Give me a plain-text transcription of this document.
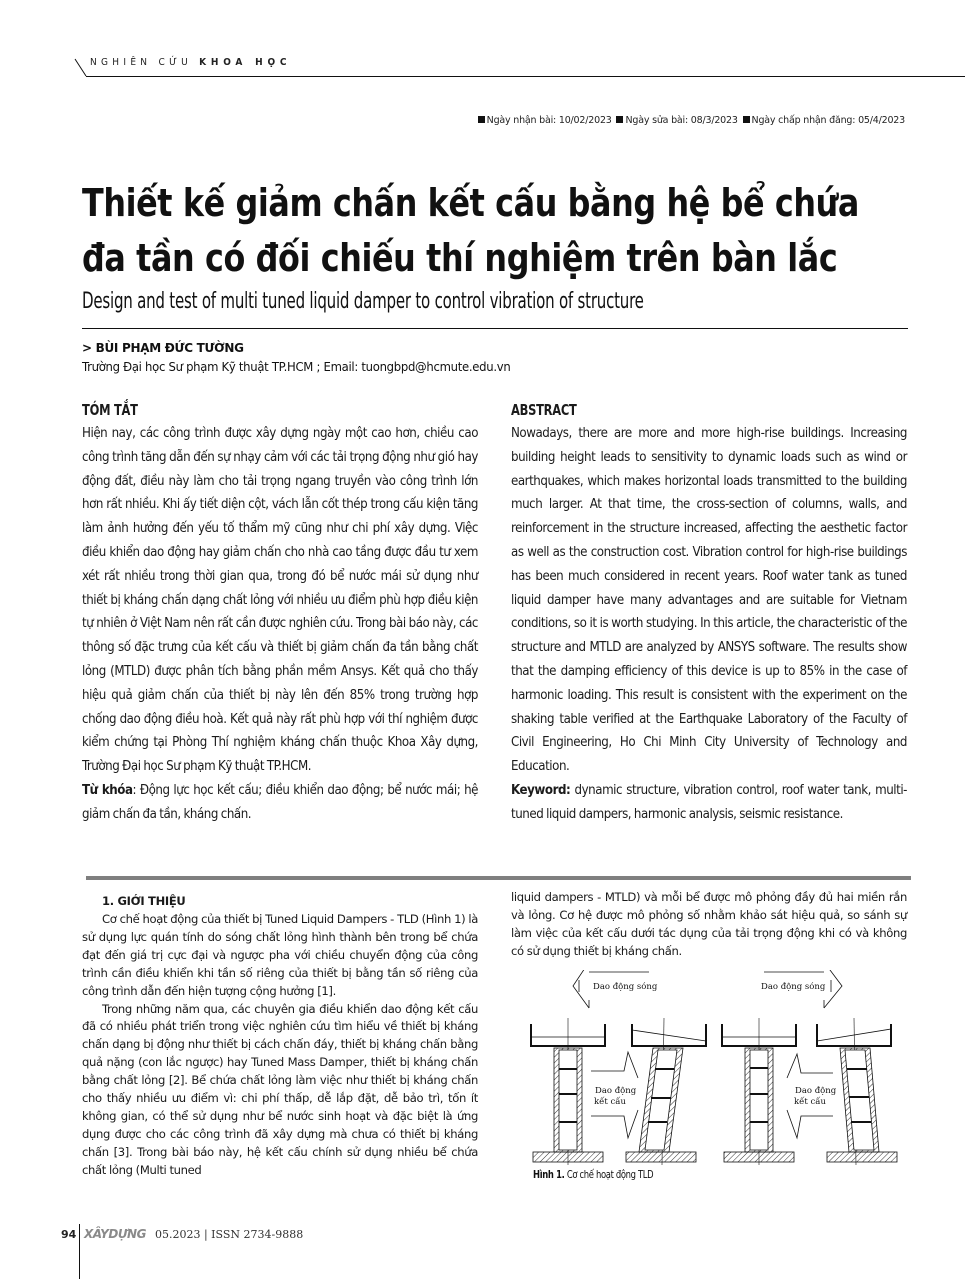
NGHIÊN CỨU KHOA HỌC
Ngày nhận bài: 10/02/2023 Ngày sửa bài: 08/3/2023 Ngày chấp nhận đăng: 05/4/2023
Thiết kế giảm chấn kết cấu bằng hệ bể chứa
đa tần có đối chiếu thí nghiệm trên bàn lắc
Design and test of multi tuned liquid damper to control vibration of structure
> BÙI PHẠM ĐỨC TƯỜNG
Trường Đại học Sư phạm Kỹ thuật TP.HCM ; Email: tuongbpd@hcmute.edu.vn
TÓM TẮT

Hiện nay, các công trình được xây dựng ngày một cao hơn, chiều cao công trình tăng dẫn đến sự nhạy cảm với các tải trọng động như gió hay động đất, điều này làm cho tải trọng ngang truyền vào công trình lớn hơn rất nhiều. Khi ấy tiết diện cột, vách lẫn cốt thép trong cấu kiện tăng làm ảnh hưởng đến yếu tố thẩm mỹ cũng như chi phí xây dựng. Việc điều khiển dao động hay giảm chấn cho nhà cao tầng được đầu tư xem xét rất nhiều trong thời gian qua, trong đó bể nước mái sử dụng như thiết bị kháng chấn dạng chất lỏng với nhiều ưu điểm phù hợp điều kiện tự nhiên ở Việt Nam nên rất cần được nghiên cứu. Trong bài báo này, các thông số đặc trưng của kết cấu và thiết bị giảm chấn đa tần bằng chất lỏng (MTLD) được phân tích bằng phần mềm Ansys. Kết quả cho thấy hiệu quả giảm chấn của thiết bị này lên đến 85% trong trường hợp chống dao động điều hoà. Kết quả này rất phù hợp với thí nghiệm được kiểm chứng tại Phòng Thí nghiệm kháng chấn thuộc Khoa Xây dựng, Trường Đại học Sư phạm Kỹ thuật TP.HCM.

Từ khóa: Động lực học kết cấu; điều khiển dao động; bể nước mái; hệ giảm chấn đa tần, kháng chấn.

ABSTRACT

Nowadays, there are more and more high-rise buildings. Increasing building height leads to sensitivity to dynamic loads such as wind or earthquakes, which makes horizontal loads transmitted to the building much larger. At that time, the cross-section of columns, walls, and reinforcement in the structure increased, affecting the aesthetic factor as well as the construction cost. Vibration control for high-rise buildings has been much considered in recent years. Roof water tank as tuned liquid damper have many advantages and are suitable for Vietnam conditions, so it is worth studying. In this article, the characteristic of the structure and MTLD are analyzed by ANSYS software. The results show that the damping efficiency of this device is up to 85% in the case of harmonic loading. This result is consistent with the experiment on the shaking table verified at the Earthquake Laboratory of the Faculty of Civil Engineering, Ho Chi Minh City University of Technology and Education.

Keyword: dynamic structure, vibration control, roof water tank, multi-tuned liquid dampers, harmonic analysis, seismic resistance.

1. GIỚI THIỆU

Cơ chế hoạt động của thiết bị Tuned Liquid Dampers - TLD (Hình 1) là sử dụng lực quán tính do sóng chất lỏng hình thành bên trong bể chứa đạt đến giá trị cực đại và ngược pha với chiều chuyển động của công trình cần điều khiển khi tần số riêng của thiết bị bằng tần số riêng của công trình dẫn đến hiện tượng cộng hưởng [1].

Trong những năm qua, các chuyên gia điều khiển dao động kết cấu đã có nhiều phát triển trong việc nghiên cứu tìm hiểu về thiết bị kháng chấn dạng bị động như thiết bị cách chấn đáy, thiết bị kháng chấn bằng quả nặng (con lắc ngược) hay Tuned Mass Damper, thiết bị kháng chấn bằng chất lỏng [2]. Bể chứa chất lỏng làm việc như thiết bị kháng chấn cho thấy nhiều ưu điểm vì: chi phí thấp, dễ lắp đặt, dễ bảo trì, tốn ít không gian, có thể sử dụng như bể nước sinh hoạt và đặc biệt là ứng dụng được cho các công trình đã xây dựng mà chưa có thiết bị kháng chấn [3]. Trong bài báo này, hệ kết cấu chính sử dụng nhiều bể chứa chất lỏng (Multi tuned

liquid dampers - MTLD) và mỗi bể được mô phỏng đầy đủ hai miền rắn và lỏng. Cơ hệ được mô phỏng số nhằm khảo sát hiệu quả, so sánh sự làm việc của kết cấu dưới tác dụng của tải trọng động khi có và không có sử dụng thiết bị kháng chấn.

Dao động sóng	Dao động sóng
Dao động
kết cấu
Dao động
kết cấu
Hình 1. Cơ chế hoạt động TLD
94 XÂYDỰNG 05.2023 | ISSN 2734-9888
